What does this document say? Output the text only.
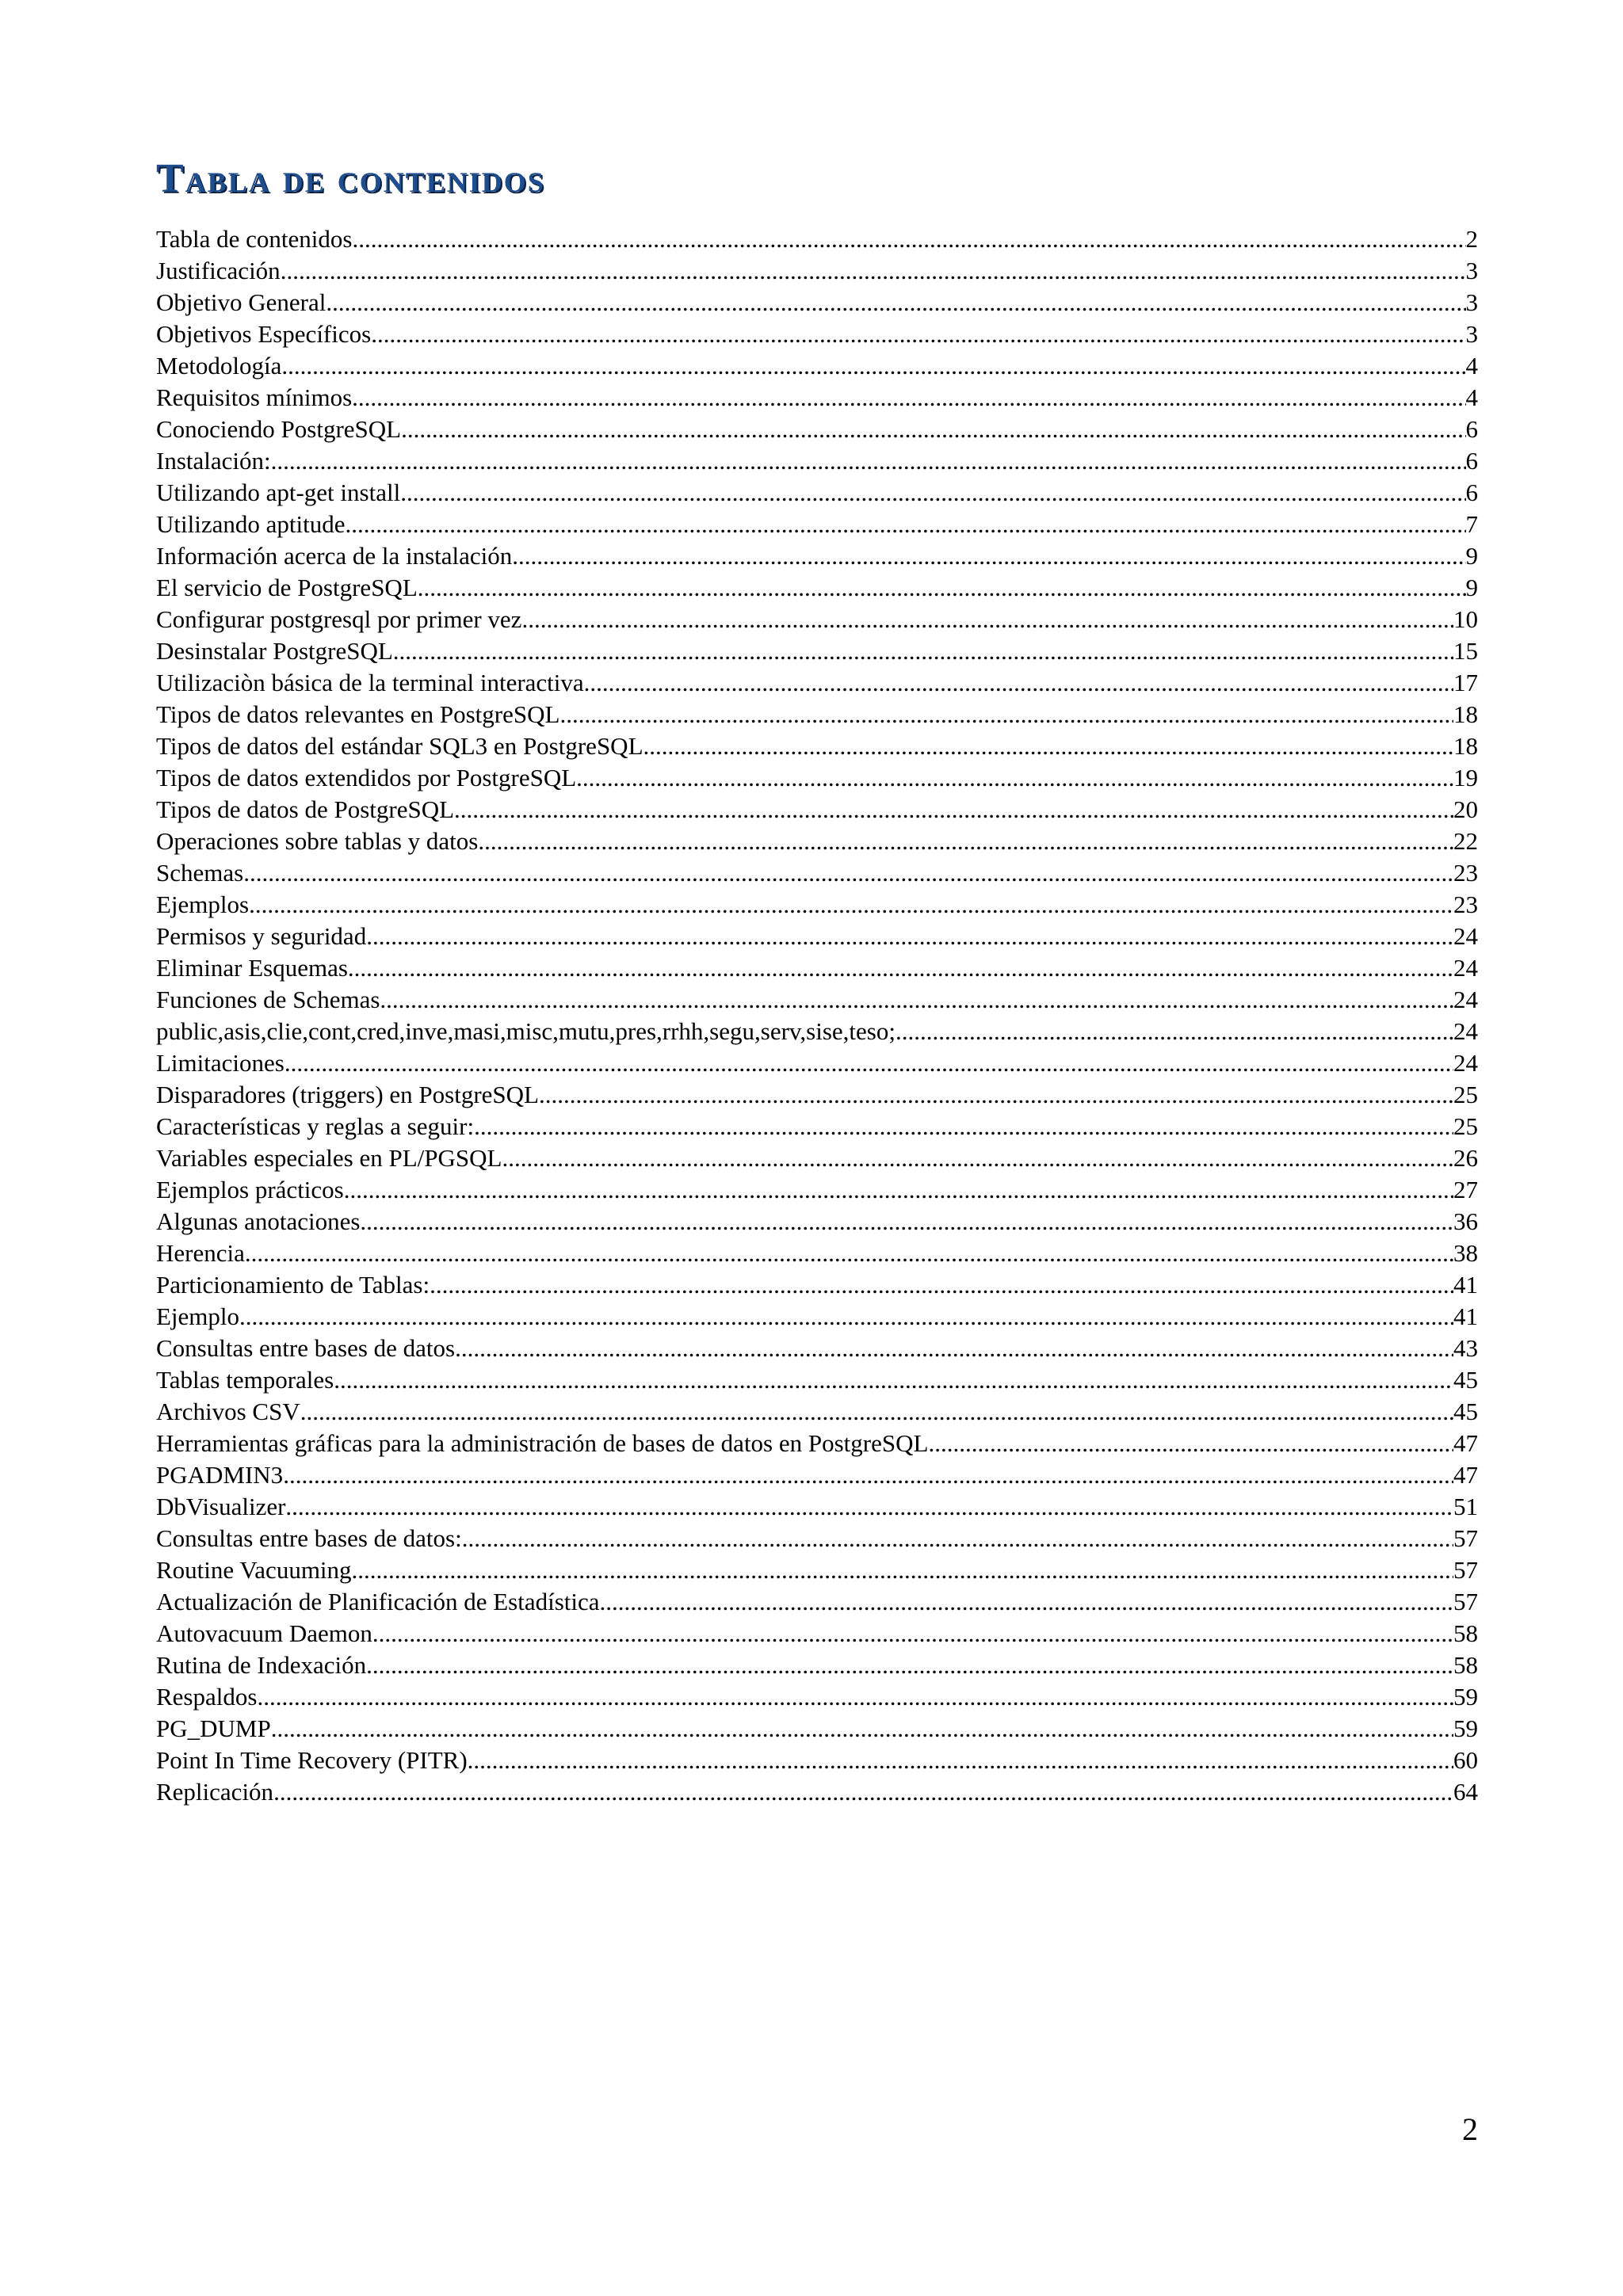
Tabla de contenidos
Tabla de contenidos .....	2
Justificación .....	3
Objetivo General .....	3
Objetivos Específicos .....	3
Metodología .....	4
Requisitos mínimos .....	4
Conociendo PostgreSQL .....	6
Instalación: .....	6
Utilizando apt-get install .....	6
Utilizando aptitude .....	7
Información acerca de la instalación .....	9
El servicio de PostgreSQL .....	9
Configurar postgresql por primer vez .....	10
Desinstalar PostgreSQL .....	15
Utilizaciòn básica de la terminal interactiva .....	17
Tipos de datos relevantes en PostgreSQL .....	18
Tipos de datos del estándar SQL3 en PostgreSQL .....	18
Tipos de datos extendidos por PostgreSQL .....	19
Tipos de datos de PostgreSQL .....	20
Operaciones sobre tablas y datos .....	22
Schemas .....	23
Ejemplos .....	23
Permisos y seguridad .....	24
Eliminar Esquemas .....	24
Funciones de Schemas .....	24
public,asis,clie,cont,cred,inve,masi,misc,mutu,pres,rrhh,segu,serv,sise,teso; .....	24
Limitaciones .....	24
Disparadores (triggers) en PostgreSQL .....	25
Características y reglas a seguir: .....	25
Variables especiales en PL/PGSQL .....	26
Ejemplos prácticos .....	27
Algunas anotaciones .....	36
Herencia .....	38
Particionamiento de Tablas: .....	41
Ejemplo .....	41
Consultas entre bases de datos .....	43
Tablas temporales .....	45
Archivos CSV .....	45
Herramientas gráficas para la administración de bases de datos en PostgreSQL .....	47
PGADMIN3 .....	47
DbVisualizer .....	51
Consultas entre bases de datos: .....	57
Routine Vacuuming .....	57
Actualización de Planificación de Estadística .....	57
Autovacuum Daemon .....	58
Rutina de Indexación .....	58
Respaldos .....	59
PG_DUMP .....	59
Point In Time Recovery (PITR) .....	60
Replicación .....	64
2
